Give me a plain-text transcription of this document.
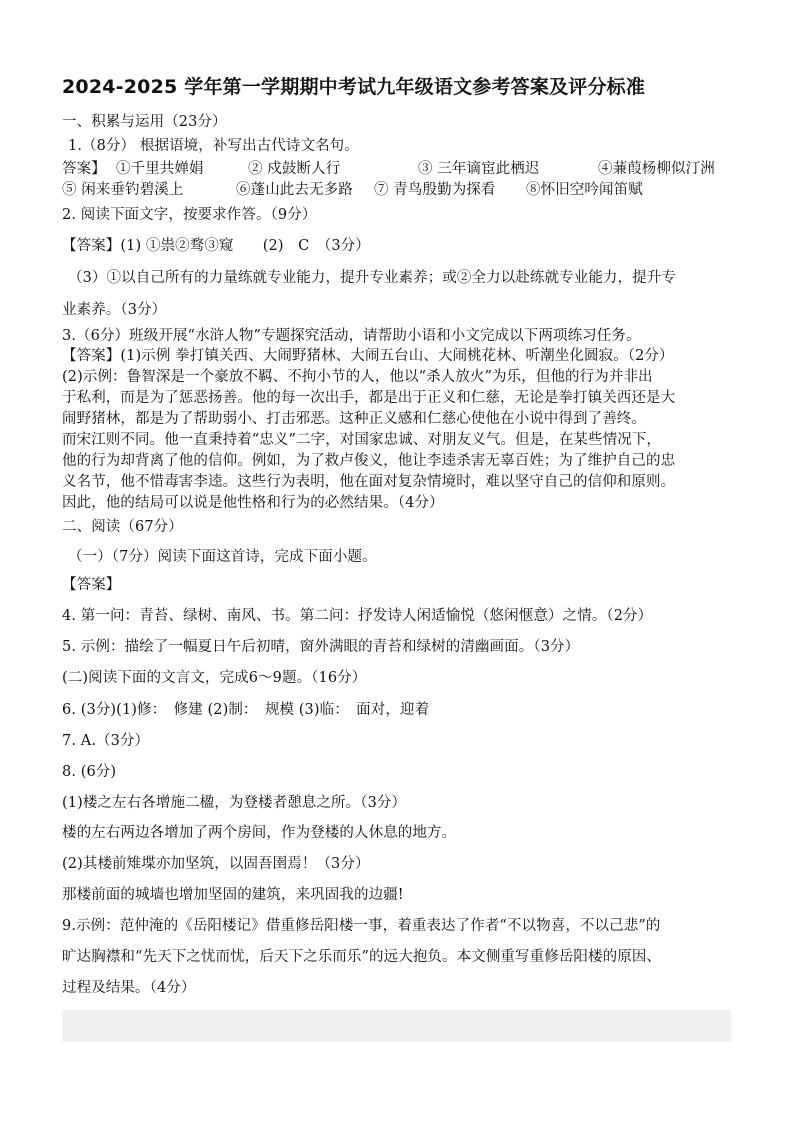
2024-2025 学年第一学期期中考试九年级语文参考答案及评分标准
一、积累与运用（23分）
1.（8分） 根据语境，补写出古代诗文名句。
答案】 ①千里共婵娟	② 戍鼓断人行	③ 三年谪宦此栖迟	④蒹葭杨柳似汀洲
⑤ 闲来垂钓碧溪上	⑥蓬山此去无多路 ⑦ 青鸟殷勤为探看 ⑧怀旧空吟闻笛赋
2. 阅读下面文字，按要求作答。（9分）
【答案】(1) ①祟②骛③窥　　(2)　C　（3分）
（3）①以自己所有的力量练就专业能力，提升专业素养；或②全力以赴练就专业能力，提升专
业素养。（3分）
3.（6分）班级开展“水浒人物”专题探究活动，请帮助小语和小文完成以下两项练习任务。
【答案】(1)示例 拳打镇关西、大闹野猪林、大闹五台山、大闹桃花林、听潮坐化圆寂。（2分）
(2)示例：鲁智深是一个豪放不羁、不拘小节的人，他以“杀人放火”为乐，但他的行为并非出
于私利，而是为了惩恶扬善。他的每一次出手，都是出于正义和仁慈，无论是拳打镇关西还是大
闹野猪林，都是为了帮助弱小、打击邪恶。这种正义感和仁慈心使他在小说中得到了善终。
而宋江则不同。他一直秉持着“忠义”二字，对国家忠诚、对朋友义气。但是，在某些情况下，
他的行为却背离了他的信仰。例如，为了救卢俊义，他让李逵杀害无辜百姓；为了维护自己的忠
义名节，他不惜毒害李逵。这些行为表明，他在面对复杂情境时，难以坚守自己的信仰和原则。
因此，他的结局可以说是他性格和行为的必然结果。（4分）
二、阅读（67分）
（一）（7分）阅读下面这首诗，完成下面小题。
【答案】
4. 第一问：青苔、绿树、南风、书。第二问：抒发诗人闲适愉悦（悠闲惬意）之情。（2分）
5. 示例：描绘了一幅夏日午后初晴，窗外满眼的青苔和绿树的清幽画面。（3分）
(二)阅读下面的文言文，完成6～9题。（16分）
6. (3分)(1)修：　修建 (2)制：　规模 (3)临：　面对，迎着
7. A.（3分）
8. (6分)
(1)楼之左右各增施二楹，为登楼者憩息之所。（3分）
楼的左右两边各增加了两个房间，作为登楼的人休息的地方。
(2)其楼前雉堞亦加坚筑，以固吾圉焉！（3分）
那楼前面的城墙也增加坚固的建筑，来巩固我的边疆!
9.示例：范仲淹的《岳阳楼记》借重修岳阳楼一事，着重表达了作者“不以物喜，不以己悲”的
旷达胸襟和“先天下之忧而忧，后天下之乐而乐”的远大抱负。本文侧重写重修岳阳楼的原因、
过程及结果。（4分）
